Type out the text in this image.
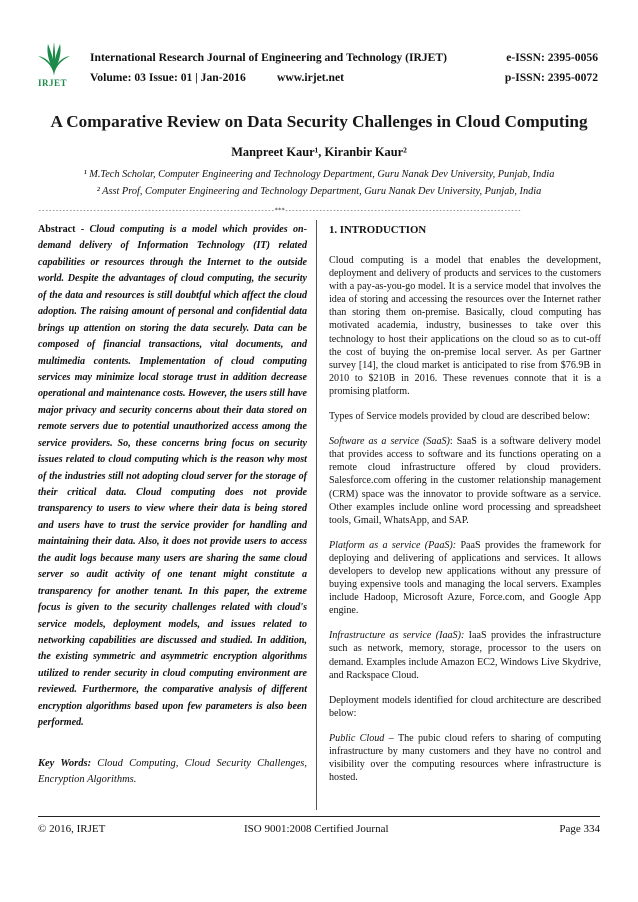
IRJET
International Research Journal of Engineering and Technology (IRJET)	e-ISSN: 2395-0056
Volume: 03 Issue: 01 | Jan-2016	www.irjet.net	p-ISSN: 2395-0072
A Comparative Review on Data Security Challenges in Cloud Computing
Manpreet Kaur¹, Kiranbir Kaur²
¹ M.Tech Scholar, Computer Engineering and Technology Department, Guru Nanak Dev University, Punjab, India
² Asst Prof, Computer Engineering and Technology Department, Guru Nanak Dev University, Punjab, India
---------------------------------------------------------------------***---------------------------------------------------------------------
Abstract - Cloud computing is a model which provides on-demand delivery of Information Technology (IT) related capabilities or resources through the Internet to the outside world. Despite the advantages of cloud computing, the security of the data and resources is still doubtful which affect the cloud adoption. The raising amount of personal and confidential data brings up attention on storing the data securely. Data can be composed of financial transactions, vital documents, and multimedia contents. Implementation of cloud computing services may minimize local storage trust in addition decrease operational and maintenance costs. However, the users still have major privacy and security concerns about their data stored on remote servers due to potential unauthorized access among the service providers. So, these concerns bring focus on security issues related to cloud computing which is the reason why most of the industries still not adopting cloud server for the storage of their critical data. Cloud computing does not provide transparency to users to view where their data is being stored and users have to trust the service provider for handling and maintaining their data. Also, it does not provide users to access the audit logs because many users are sharing the same cloud server so audit activity of one tenant might constitute a transparency for another tenant. In this paper, the extreme focus is given to the security challenges related with cloud's service models, deployment models, and issues related to networking capabilities are discussed and studied. In addition, the existing symmetric and asymmetric encryption algorithms utilized to render security in cloud computing environment are reviewed. Furthermore, the comparative analysis of different encryption algorithms based upon few parameters is also been performed.
Key Words: Cloud Computing, Cloud Security Challenges, Encryption Algorithms.
1. INTRODUCTION

Cloud computing is a model that enables the development, deployment and delivery of products and services to the customers with a pay-as-you-go model. It is a service model that involves the idea of storing and accessing the resources over the Internet rather than storing them on-premise. Basically, cloud computing has motivated academia, industry, businesses to take over this technology to host their applications on the cloud so as to cut-off the cost of buying the on-premise local server. As per Gartner survey [14], the cloud market is anticipated to rise from $76.9B in 2010 to $210B in 2016. These revenues connote that it is a promising platform.

Types of Service models provided by cloud are described below:

Software as a service (SaaS): SaaS is a software delivery model that provides access to software and its functions operating on a remote cloud infrastructure offered by cloud providers. Salesforce.com offering in the customer relationship management (CRM) space was the innovator to provide software as a service. Other examples include online word processing and spreadsheet tools, Gmail, WhatsApp, and SAP.

Platform as a service (PaaS): PaaS provides the framework for deploying and delivering of applications and services. It allows developers to develop new applications without any pressure of buying expensive tools and managing the local servers. Examples include Hadoop, Microsoft Azure, Force.com, and Google App engine.

Infrastructure as service (IaaS): IaaS provides the infrastructure such as network, memory, storage, processor to the users on demand. Examples include Amazon EC2, Windows Live Skydrive, and Rackspace Cloud.

Deployment models identified for cloud architecture are described below:

Public Cloud – The pubic cloud refers to sharing of computing infrastructure by many customers and they have no control and visibility over the computing resources where infrastructure is hosted.

© 2016, IRJET	ISO 9001:2008 Certified Journal	Page 334
